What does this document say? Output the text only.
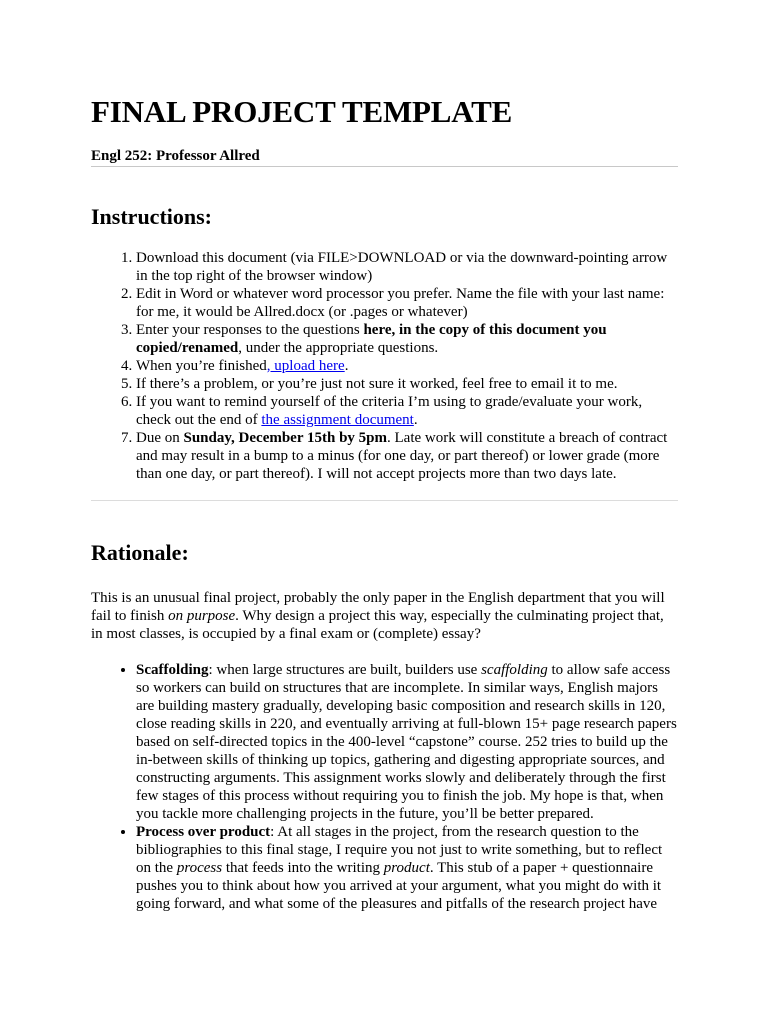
FINAL PROJECT TEMPLATE
Engl 252: Professor Allred
Instructions:
1. Download this document (via FILE>DOWNLOAD or via the downward-pointing arrow in the top right of the browser window)
2. Edit in Word or whatever word processor you prefer. Name the file with your last name: for me, it would be Allred.docx (or .pages or whatever)
3. Enter your responses to the questions here, in the copy of this document you copied/renamed, under the appropriate questions.
4. When you’re finished, upload here.
5. If there’s a problem, or you’re just not sure it worked, feel free to email it to me.
6. If you want to remind yourself of the criteria I’m using to grade/evaluate your work, check out the end of the assignment document.
7. Due on Sunday, December 15th by 5pm. Late work will constitute a breach of contract and may result in a bump to a minus (for one day, or part thereof) or lower grade (more than one day, or part thereof). I will not accept projects more than two days late.
Rationale:

This is an unusual final project, probably the only paper in the English department that you will fail to finish on purpose. Why design a project this way, especially the culminating project that, in most classes, is occupied by a final exam or (complete) essay?

• Scaffolding: when large structures are built, builders use scaffolding to allow safe access so workers can build on structures that are incomplete. In similar ways, English majors are building mastery gradually, developing basic composition and research skills in 120, close reading skills in 220, and eventually arriving at full-blown 15+ page research papers based on self-directed topics in the 400-level “capstone” course. 252 tries to build up the in-between skills of thinking up topics, gathering and digesting appropriate sources, and constructing arguments. This assignment works slowly and deliberately through the first few stages of this process without requiring you to finish the job. My hope is that, when you tackle more challenging projects in the future, you’ll be better prepared.
• Process over product: At all stages in the project, from the research question to the bibliographies to this final stage, I require you not just to write something, but to reflect on the process that feeds into the writing product. This stub of a paper + questionnaire pushes you to think about how you arrived at your argument, what you might do with it going forward, and what some of the pleasures and pitfalls of the research project have
